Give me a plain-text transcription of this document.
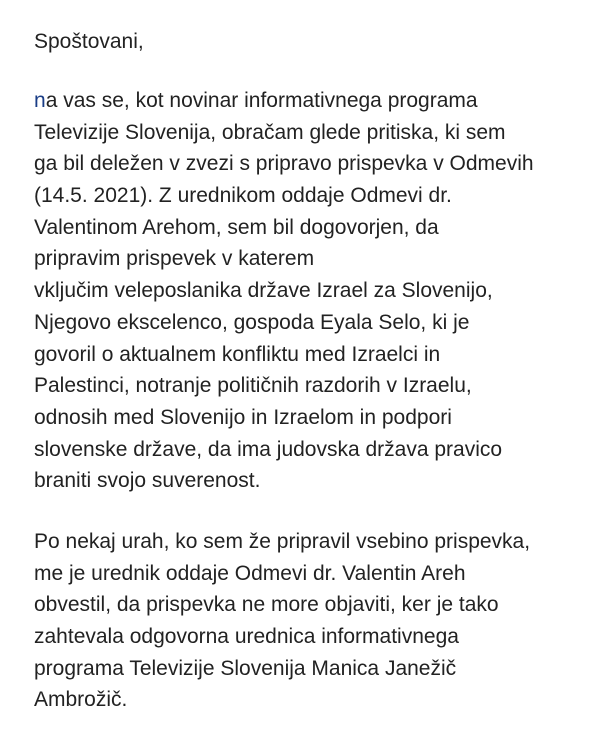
Spoštovani,
na vas se, kot novinar informativnega programa
Televizije Slovenija, obračam glede pritiska, ki sem
ga bil deležen v zvezi s pripravo prispevka v Odmevih
(14.5. 2021). Z urednikom oddaje Odmevi dr.
Valentinom Arehom, sem bil dogovorjen, da
pripravim prispevek v katerem
vključim veleposlanika države Izrael za Slovenijo,
Njegovo ekscelenco, gospoda Eyala Selo, ki je
govoril o aktualnem konfliktu med Izraelci in
Palestinci, notranje političnih razdorih v Izraelu,
odnosih med Slovenijo in Izraelom in podpori
slovenske države, da ima judovska država pravico
braniti svojo suverenost.
Po nekaj urah, ko sem že pripravil vsebino prispevka,
me je urednik oddaje Odmevi dr. Valentin Areh
obvestil, da prispevka ne more objaviti, ker je tako
zahtevala odgovorna urednica informativnega
programa Televizije Slovenija Manica Janežič
Ambrožič.
